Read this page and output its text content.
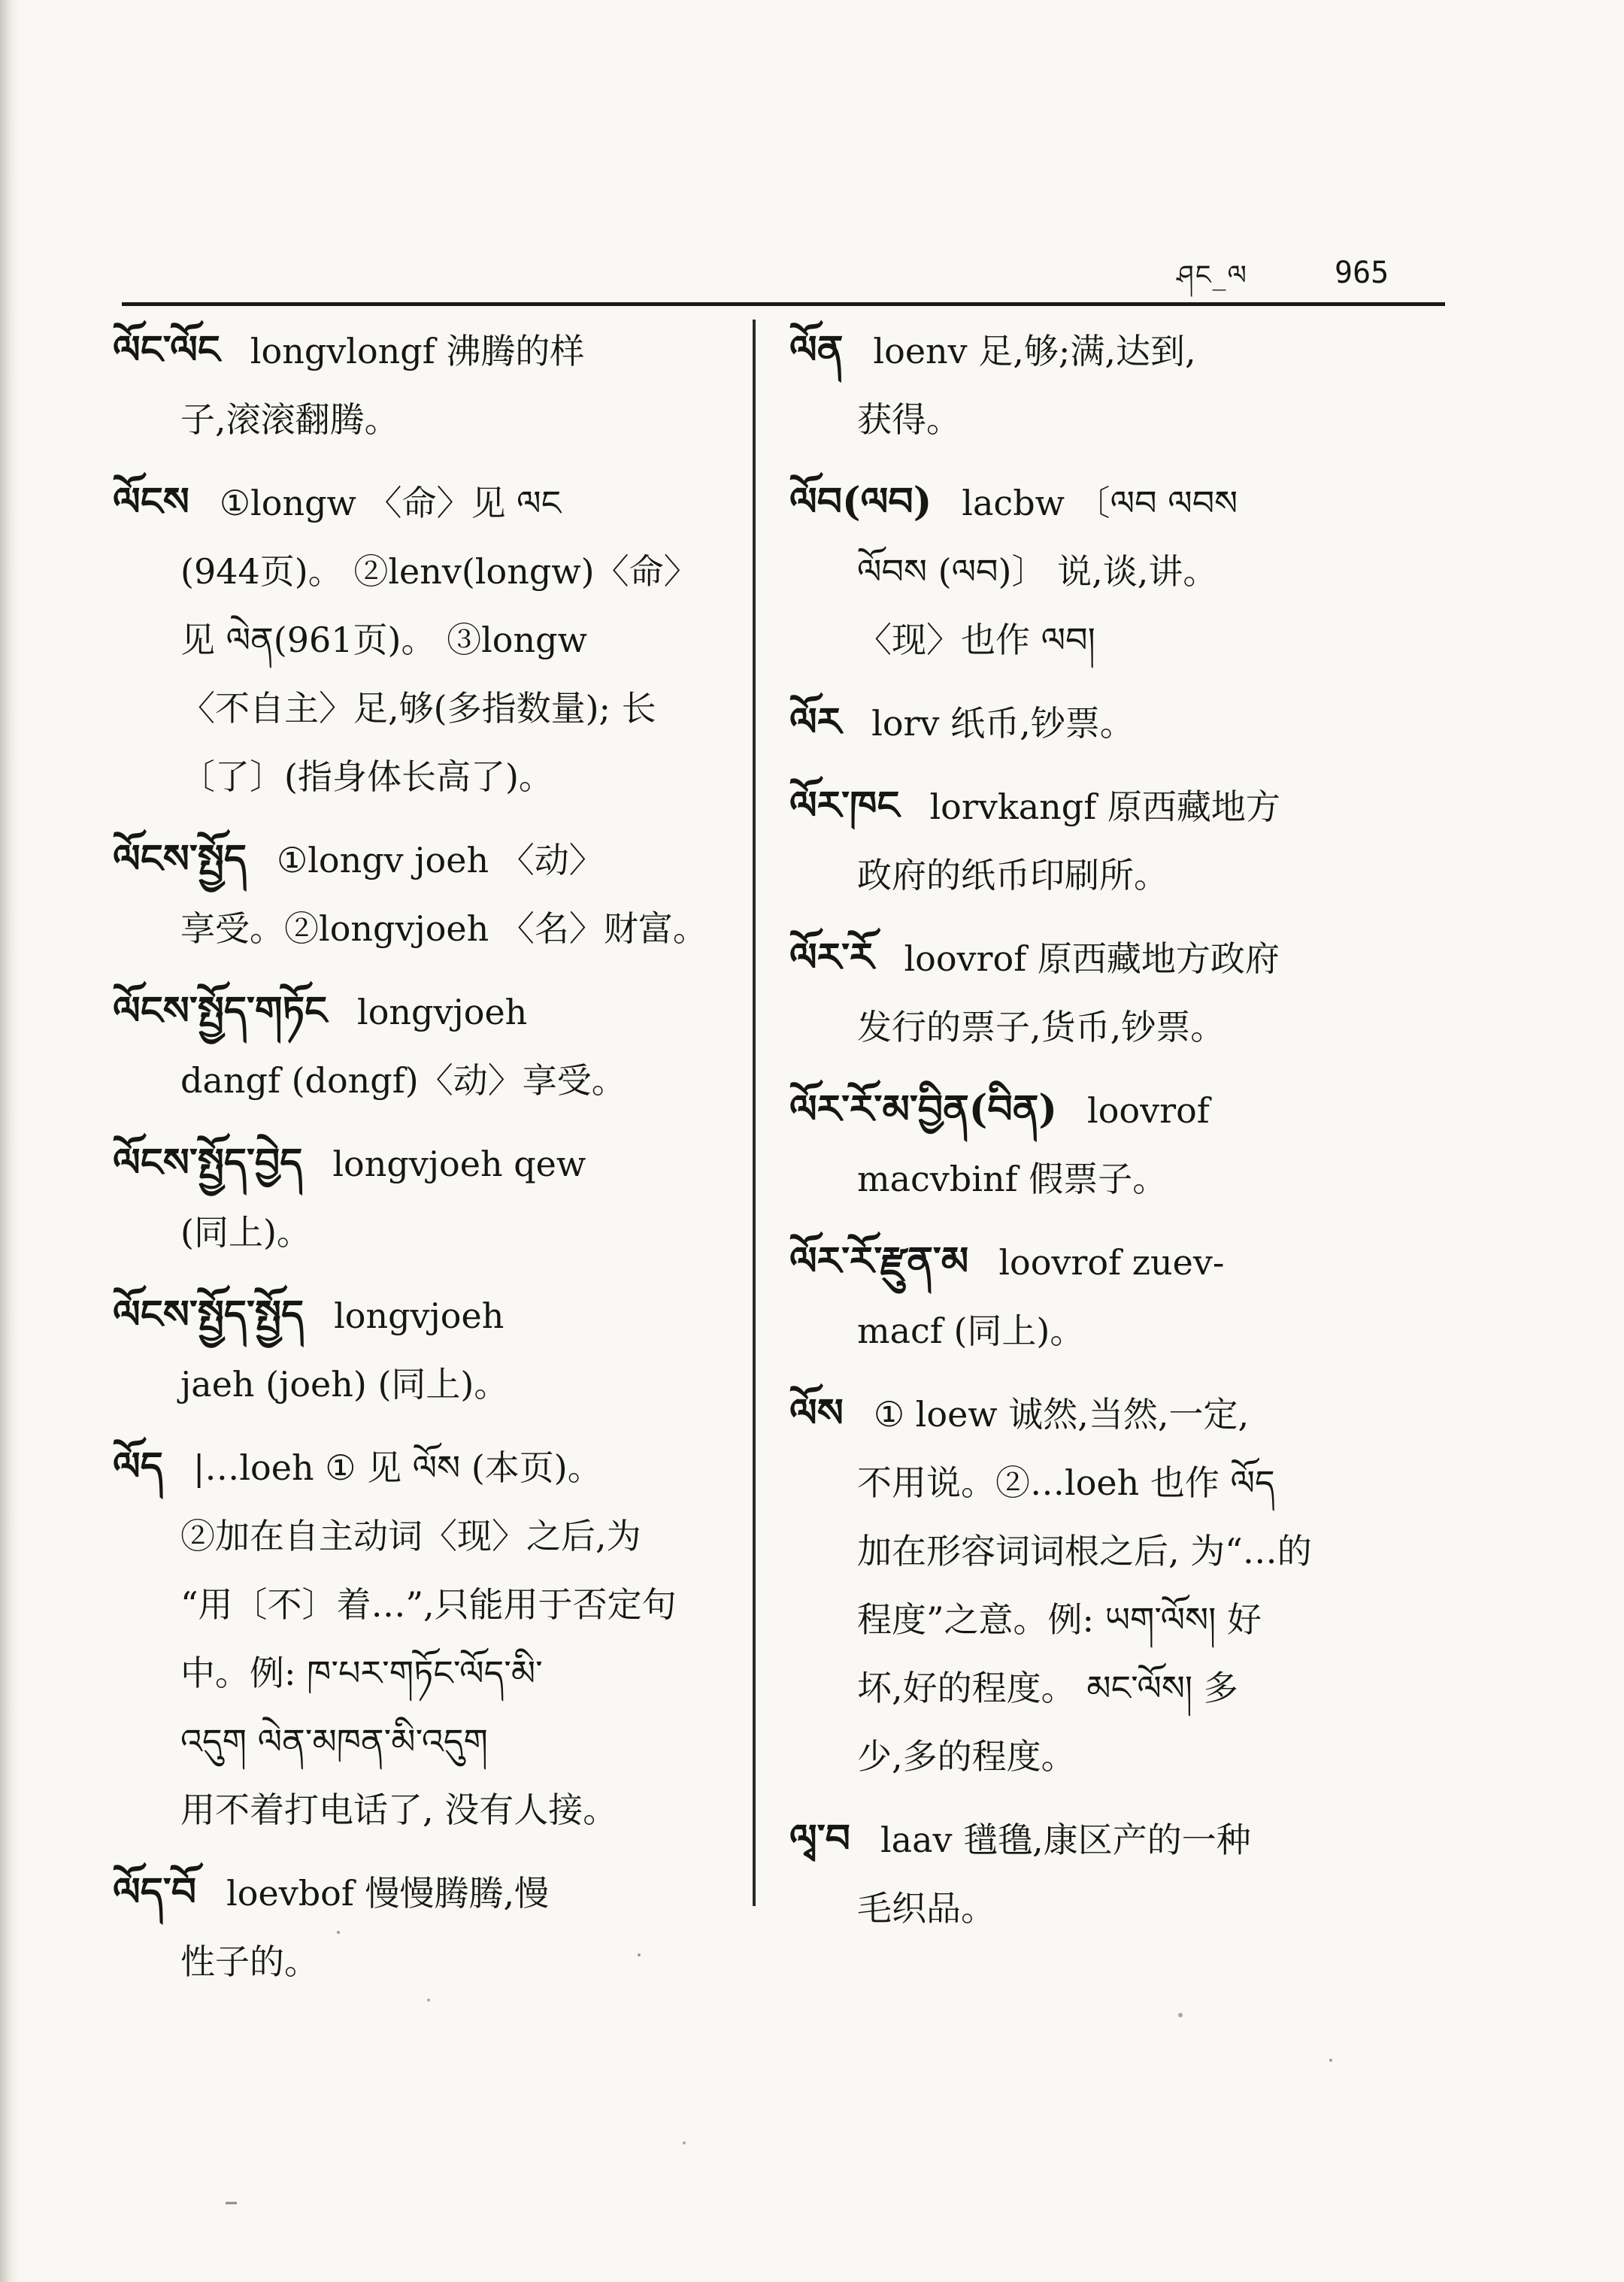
ཤང_ལ	965
ལོང་ལོང longvlongf 沸腾的样
子,滚滚翻腾。
ལོངས ①longw 〈命〉见 ལང
(944页)。 ②lenv(longw)〈命〉
见 ལེན(961页)。 ③longw
〈不自主〉足,够(多指数量); 长
〔了〕(指身体长高了)。
ལོངས་སྤྱོད ①longv joeh 〈动〉
享受。②longvjoeh 〈名〉财富。
ལོངས་སྤྱོད་གཏོང longvjoeh
dangf (dongf)〈动〉享受。
ལོངས་སྤྱོད་བྱེད longvjoeh qew
(同上)。
ལོངས་སྤྱོད་སྤྱོད longvjoeh
jaeh (joeh) (同上)。
ལོད |…loeh ① 见 ལོས (本页)。
②加在自主动词〈现〉之后,为
“用〔不〕着…”,只能用于否定句
中。例: ཁ་པར་གཏོང་ལོད་མི་
འདུག ལེན་མཁན་མི་འདུག
用不着打电话了, 没有人接。
ལོད་བོ loevbof 慢慢腾腾,慢
性子的。
ལོན loenv 足,够;满,达到,
获得。
ལོབ(ལབ) lacbw 〔ལབ ལབས
ལོབས (ལབ)〕 说,谈,讲。
〈现〉也作 ལབ།
ལོར lorv 纸币,钞票。
ལོར་ཁང lorvkangf 原西藏地方
政府的纸币印刷所。
ལོར་རོ loovrof 原西藏地方政府
发行的票子,货币,钞票。
ལོར་རོ་མ་བྱིན(བིན) loovrof
macvbinf 假票子。
ལོར་རོ་རྫུན་མ loovrof zuev-
macf (同上)。
ལོས ① loew 诚然,当然,一定,
不用说。②…loeh 也作 ལོད
加在形容词词根之后, 为“…的
程度”之意。例: ཡག་ལོས། 好
坏,好的程度。 མང་ལོས། 多
少,多的程度。
ལྭ་བ laav 氆氇,康区产的一种
毛织品。
